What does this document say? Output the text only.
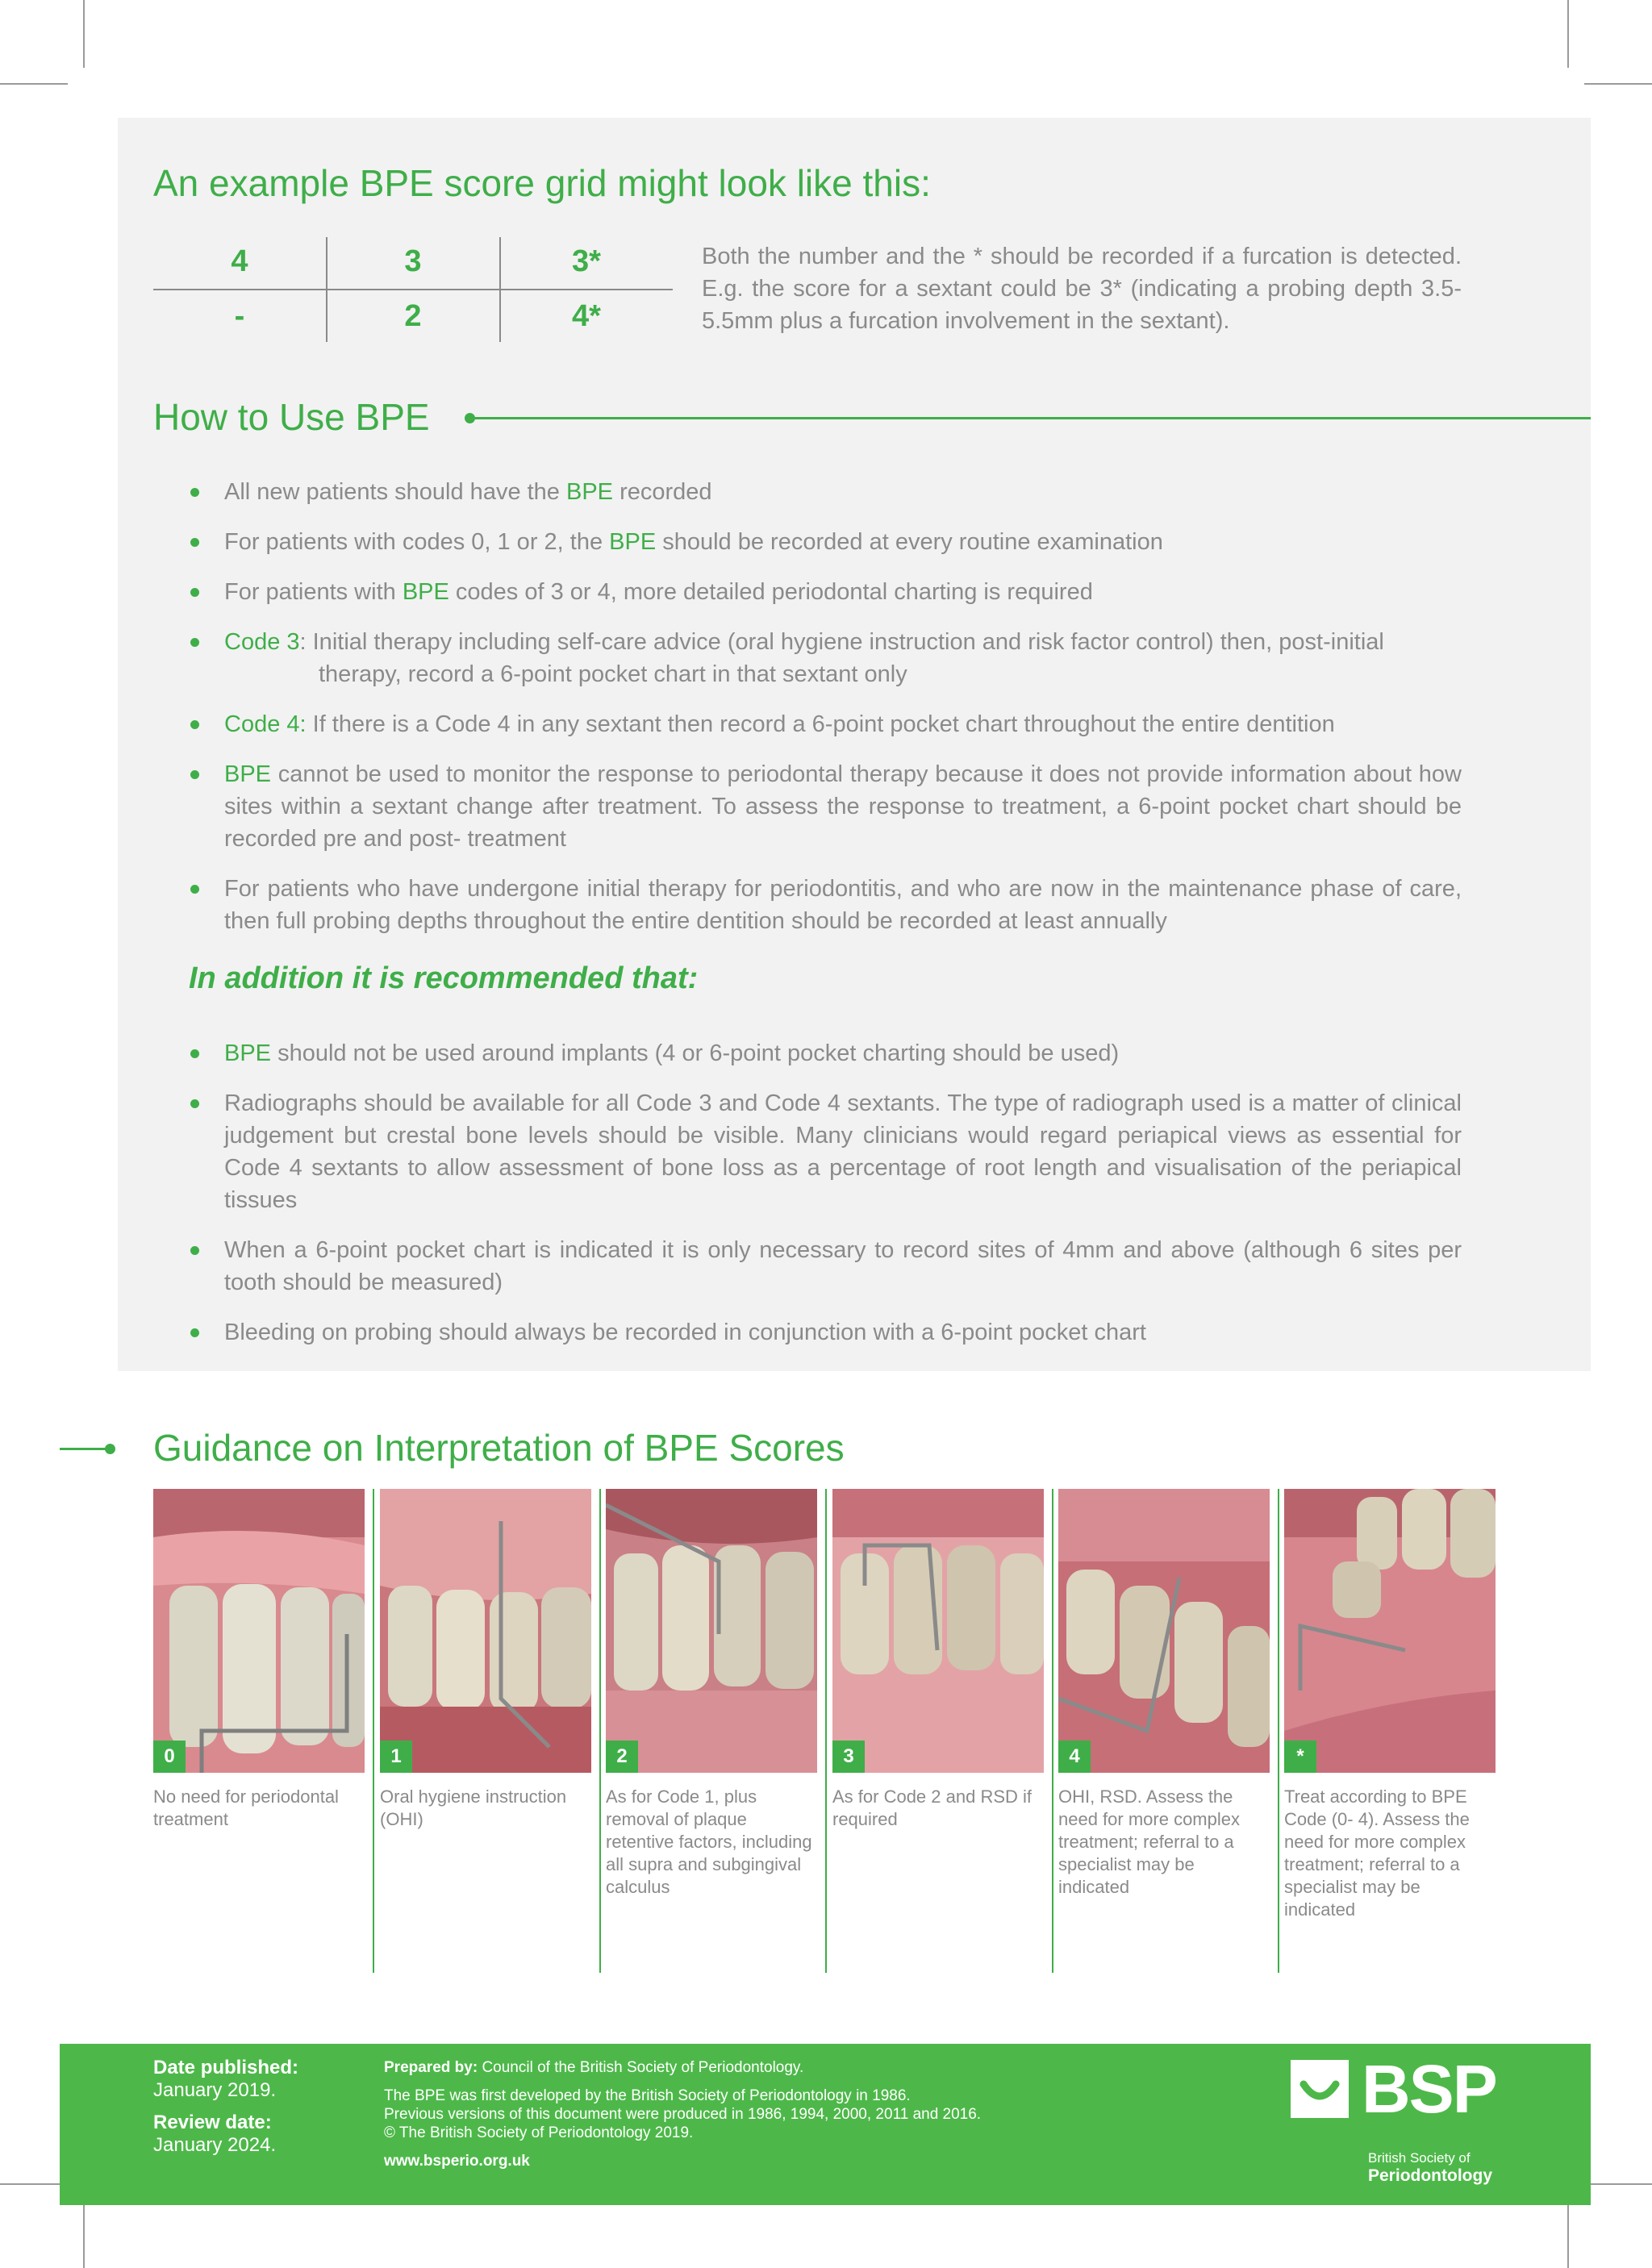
An example BPE score grid might look like this:
4	3	3*
-	2	4*
Both the number and the * should be recorded if a furcation is detected. E.g. the score for a sextant could be 3* (indicating a probing depth 3.5-5.5mm plus a furcation involvement in the sextant).
How to Use BPE
All new patients should have the BPE recorded
For patients with codes 0, 1 or 2, the BPE should be recorded at every routine examination
For patients with BPE codes of 3 or 4, more detailed periodontal charting is required
Code 3: Initial therapy including self-care advice (oral hygiene instruction and risk factor control) then, post-initial
therapy, record a 6-point pocket chart in that sextant only
Code 4: If there is a Code 4 in any sextant then record a 6-point pocket chart throughout the entire dentition
BPE cannot be used to monitor the response to periodontal therapy because it does not provide information about how sites within a sextant change after treatment. To assess the response to treatment, a 6-point pocket chart should be recorded pre and post- treatment
For patients who have undergone initial therapy for periodontitis, and who are now in the maintenance phase of care, then full probing depths throughout the entire dentition should be recorded at least annually
In addition it is recommended that:
BPE should not be used around implants (4 or 6-point pocket charting should be used)
Radiographs should be available for all Code 3 and Code 4 sextants. The type of radiograph used is a matter of clinical judgement but crestal bone levels should be visible. Many clinicians would regard periapical views as essential for Code 4 sextants to allow assessment of bone loss as a percentage of root length and visualisation of the periapical tissues
When a 6-point pocket chart is indicated it is only necessary to record sites of 4mm and above (although 6 sites per tooth should be measured)
Bleeding on probing should always be recorded in conjunction with a 6-point pocket chart
Guidance on Interpretation of BPE Scores
0
No need for periodontal treatment
1
Oral hygiene instruction (OHI)
2
As for Code 1, plus removal of plaque retentive factors, including all supra and subgingival calculus
3
As for Code 2 and RSD if required
4
OHI, RSD. Assess the need for more complex treatment; referral to a specialist may be indicated
*
Treat according to BPE Code (0- 4). Assess the need for more complex treatment; referral to a specialist may be indicated
Date published:
January 2019.
Review date:
January 2024.

Prepared by: Council of the British Society of Periodontology.

The BPE was first developed by the British Society of Periodontology in 1986.

Previous versions of this document were produced in 1986, 1994, 2000, 2011 and 2016.

© The British Society of Periodontology 2019.

www.bsperio.org.uk

BSP
British Society of
Periodontology
